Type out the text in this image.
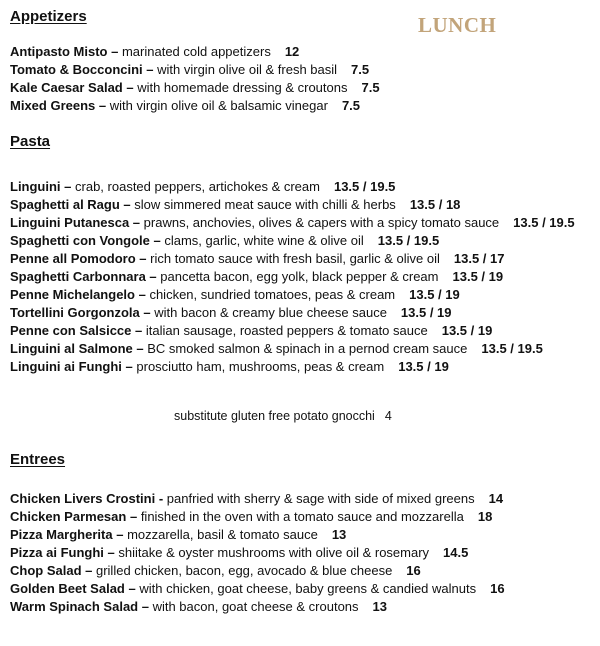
LUNCH
Appetizers
Antipasto Misto – marinated cold appetizers 12
Tomato & Bocconcini – with virgin olive oil & fresh basil 7.5
Kale Caesar Salad – with homemade dressing & croutons 7.5
Mixed Greens – with virgin olive oil & balsamic vinegar 7.5
Pasta
Linguini – crab, roasted peppers, artichokes & cream 13.5 / 19.5
Spaghetti al Ragu – slow simmered meat sauce with chilli & herbs 13.5 / 18
Linguini Putanesca – prawns, anchovies, olives & capers with a spicy tomato sauce 13.5 / 19.5
Spaghetti con Vongole – clams, garlic, white wine & olive oil 13.5 / 19.5
Penne all Pomodoro – rich tomato sauce with fresh basil, garlic & olive oil 13.5 / 17
Spaghetti Carbonnara – pancetta bacon, egg yolk, black pepper & cream 13.5 / 19
Penne Michelangelo – chicken, sundried tomatoes, peas & cream 13.5 / 19
Tortellini Gorgonzola – with bacon & creamy blue cheese sauce 13.5 / 19
Penne con Salsicce – italian sausage, roasted peppers & tomato sauce 13.5 / 19
Linguini al Salmone – BC smoked salmon & spinach in a pernod cream sauce 13.5 / 19.5
Linguini ai Funghi – prosciutto ham, mushrooms, peas & cream 13.5 / 19
substitute gluten free potato gnocchi 4
Entrees
Chicken Livers Crostini - panfried with sherry & sage with side of mixed greens 14
Chicken Parmesan – finished in the oven with a tomato sauce and mozzarella 18
Pizza Margherita – mozzarella, basil & tomato sauce 13
Pizza ai Funghi – shiitake & oyster mushrooms with olive oil & rosemary 14.5
Chop Salad – grilled chicken, bacon, egg, avocado & blue cheese 16
Golden Beet Salad – with chicken, goat cheese, baby greens & candied walnuts 16
Warm Spinach Salad – with bacon, goat cheese & croutons 13
